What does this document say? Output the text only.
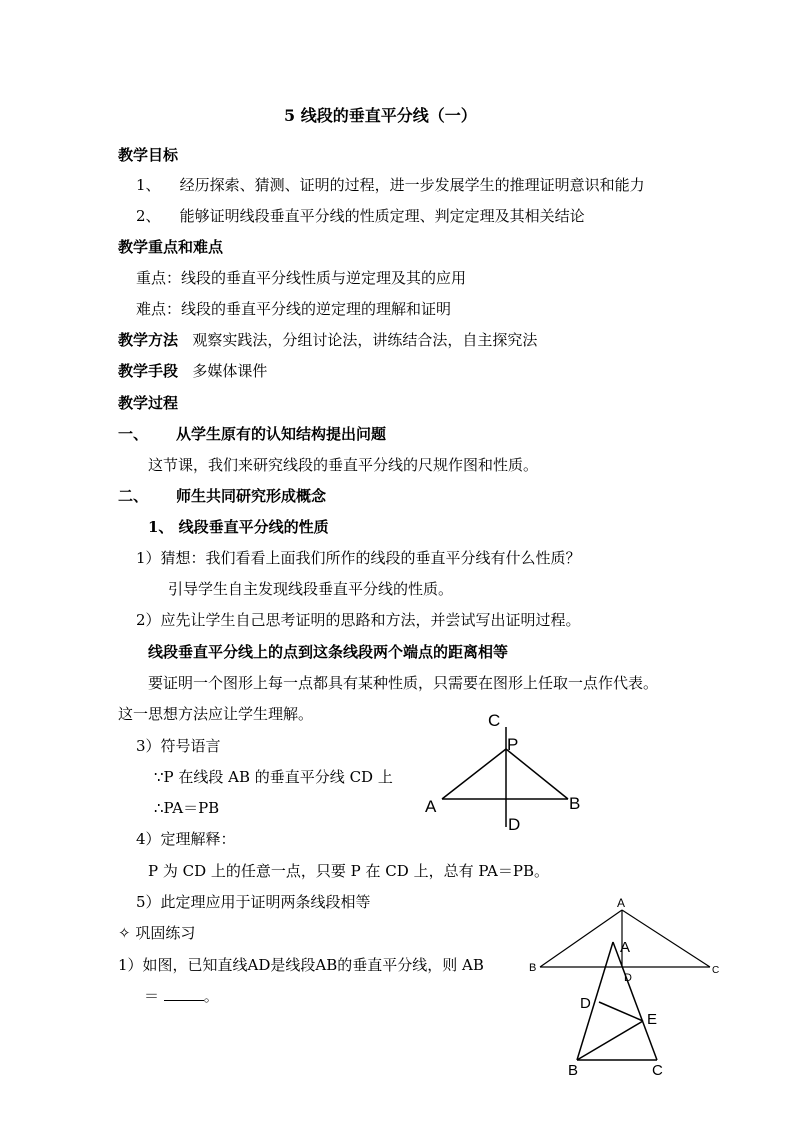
5 线段的垂直平分线（一）
教学目标
1、 经历探索、猜测、证明的过程，进一步发展学生的推理证明意识和能力
2、 能够证明线段垂直平分线的性质定理、判定定理及其相关结论
教学重点和难点
重点：线段的垂直平分线性质与逆定理及其的应用
难点：线段的垂直平分线的逆定理的理解和证明
教学方法 观察实践法，分组讨论法，讲练结合法，自主探究法
教学手段 多媒体课件
教学过程
一、 从学生原有的认知结构提出问题
这节课，我们来研究线段的垂直平分线的尺规作图和性质。
二、 师生共同研究形成概念
1、 线段垂直平分线的性质
1）猜想：我们看看上面我们所作的线段的垂直平分线有什么性质？
引导学生自主发现线段垂直平分线的性质。
2）应先让学生自己思考证明的思路和方法，并尝试写出证明过程。
线段垂直平分线上的点到这条线段两个端点的距离相等
要证明一个图形上每一点都具有某种性质，只需要在图形上任取一点作代表。
这一思想方法应让学生理解。
3）符号语言
∵P 在线段 AB 的垂直平分线 CD 上
∴PA＝PB
4）定理解释：
P 为 CD 上的任意一点，只要 P 在 CD 上，总有 PA＝PB。
5）此定理应用于证明两条线段相等
✧ 巩固练习
1）如图，已知直线AD是线段AB的垂直平分线，则 AB
＝	。
C
P
A	B
D
A
B	C
D
A
D
E
B	C
